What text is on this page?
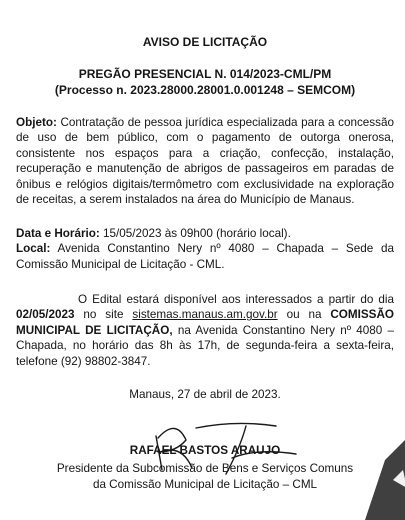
AVISO DE LICITAÇÃO
PREGÃO PRESENCIAL N. 014/2023-CML/PM
(Processo n. 2023.28000.28001.0.001248 – SEMCOM)
Objeto: Contratação de pessoa jurídica especializada para a concessão de uso de bem público, com o pagamento de outorga onerosa, consistente nos espaços para a criação, confecção, instalação, recuperação e manutenção de abrigos de passageiros em paradas de ônibus e relógios digitais/termômetro com exclusividade na exploração de receitas, a serem instalados na área do Município de Manaus.
Data e Horário: 15/05/2023 às 09h00 (horário local).
Local: Avenida Constantino Nery nº 4080 – Chapada – Sede da Comissão Municipal de Licitação - CML.
O Edital estará disponível aos interessados a partir do dia 02/05/2023 no site sistemas.manaus.am.gov.br ou na COMISSÃO MUNICIPAL DE LICITAÇÃO, na Avenida Constantino Nery nº 4080 – Chapada, no horário das 8h às 17h, de segunda-feira a sexta-feira, telefone (92) 98802-3847.
Manaus, 27 de abril de 2023.
RAFAEL BASTOS ARAUJO
Presidente da Subcomissão de Bens e Serviços Comuns
da Comissão Municipal de Licitação – CML
